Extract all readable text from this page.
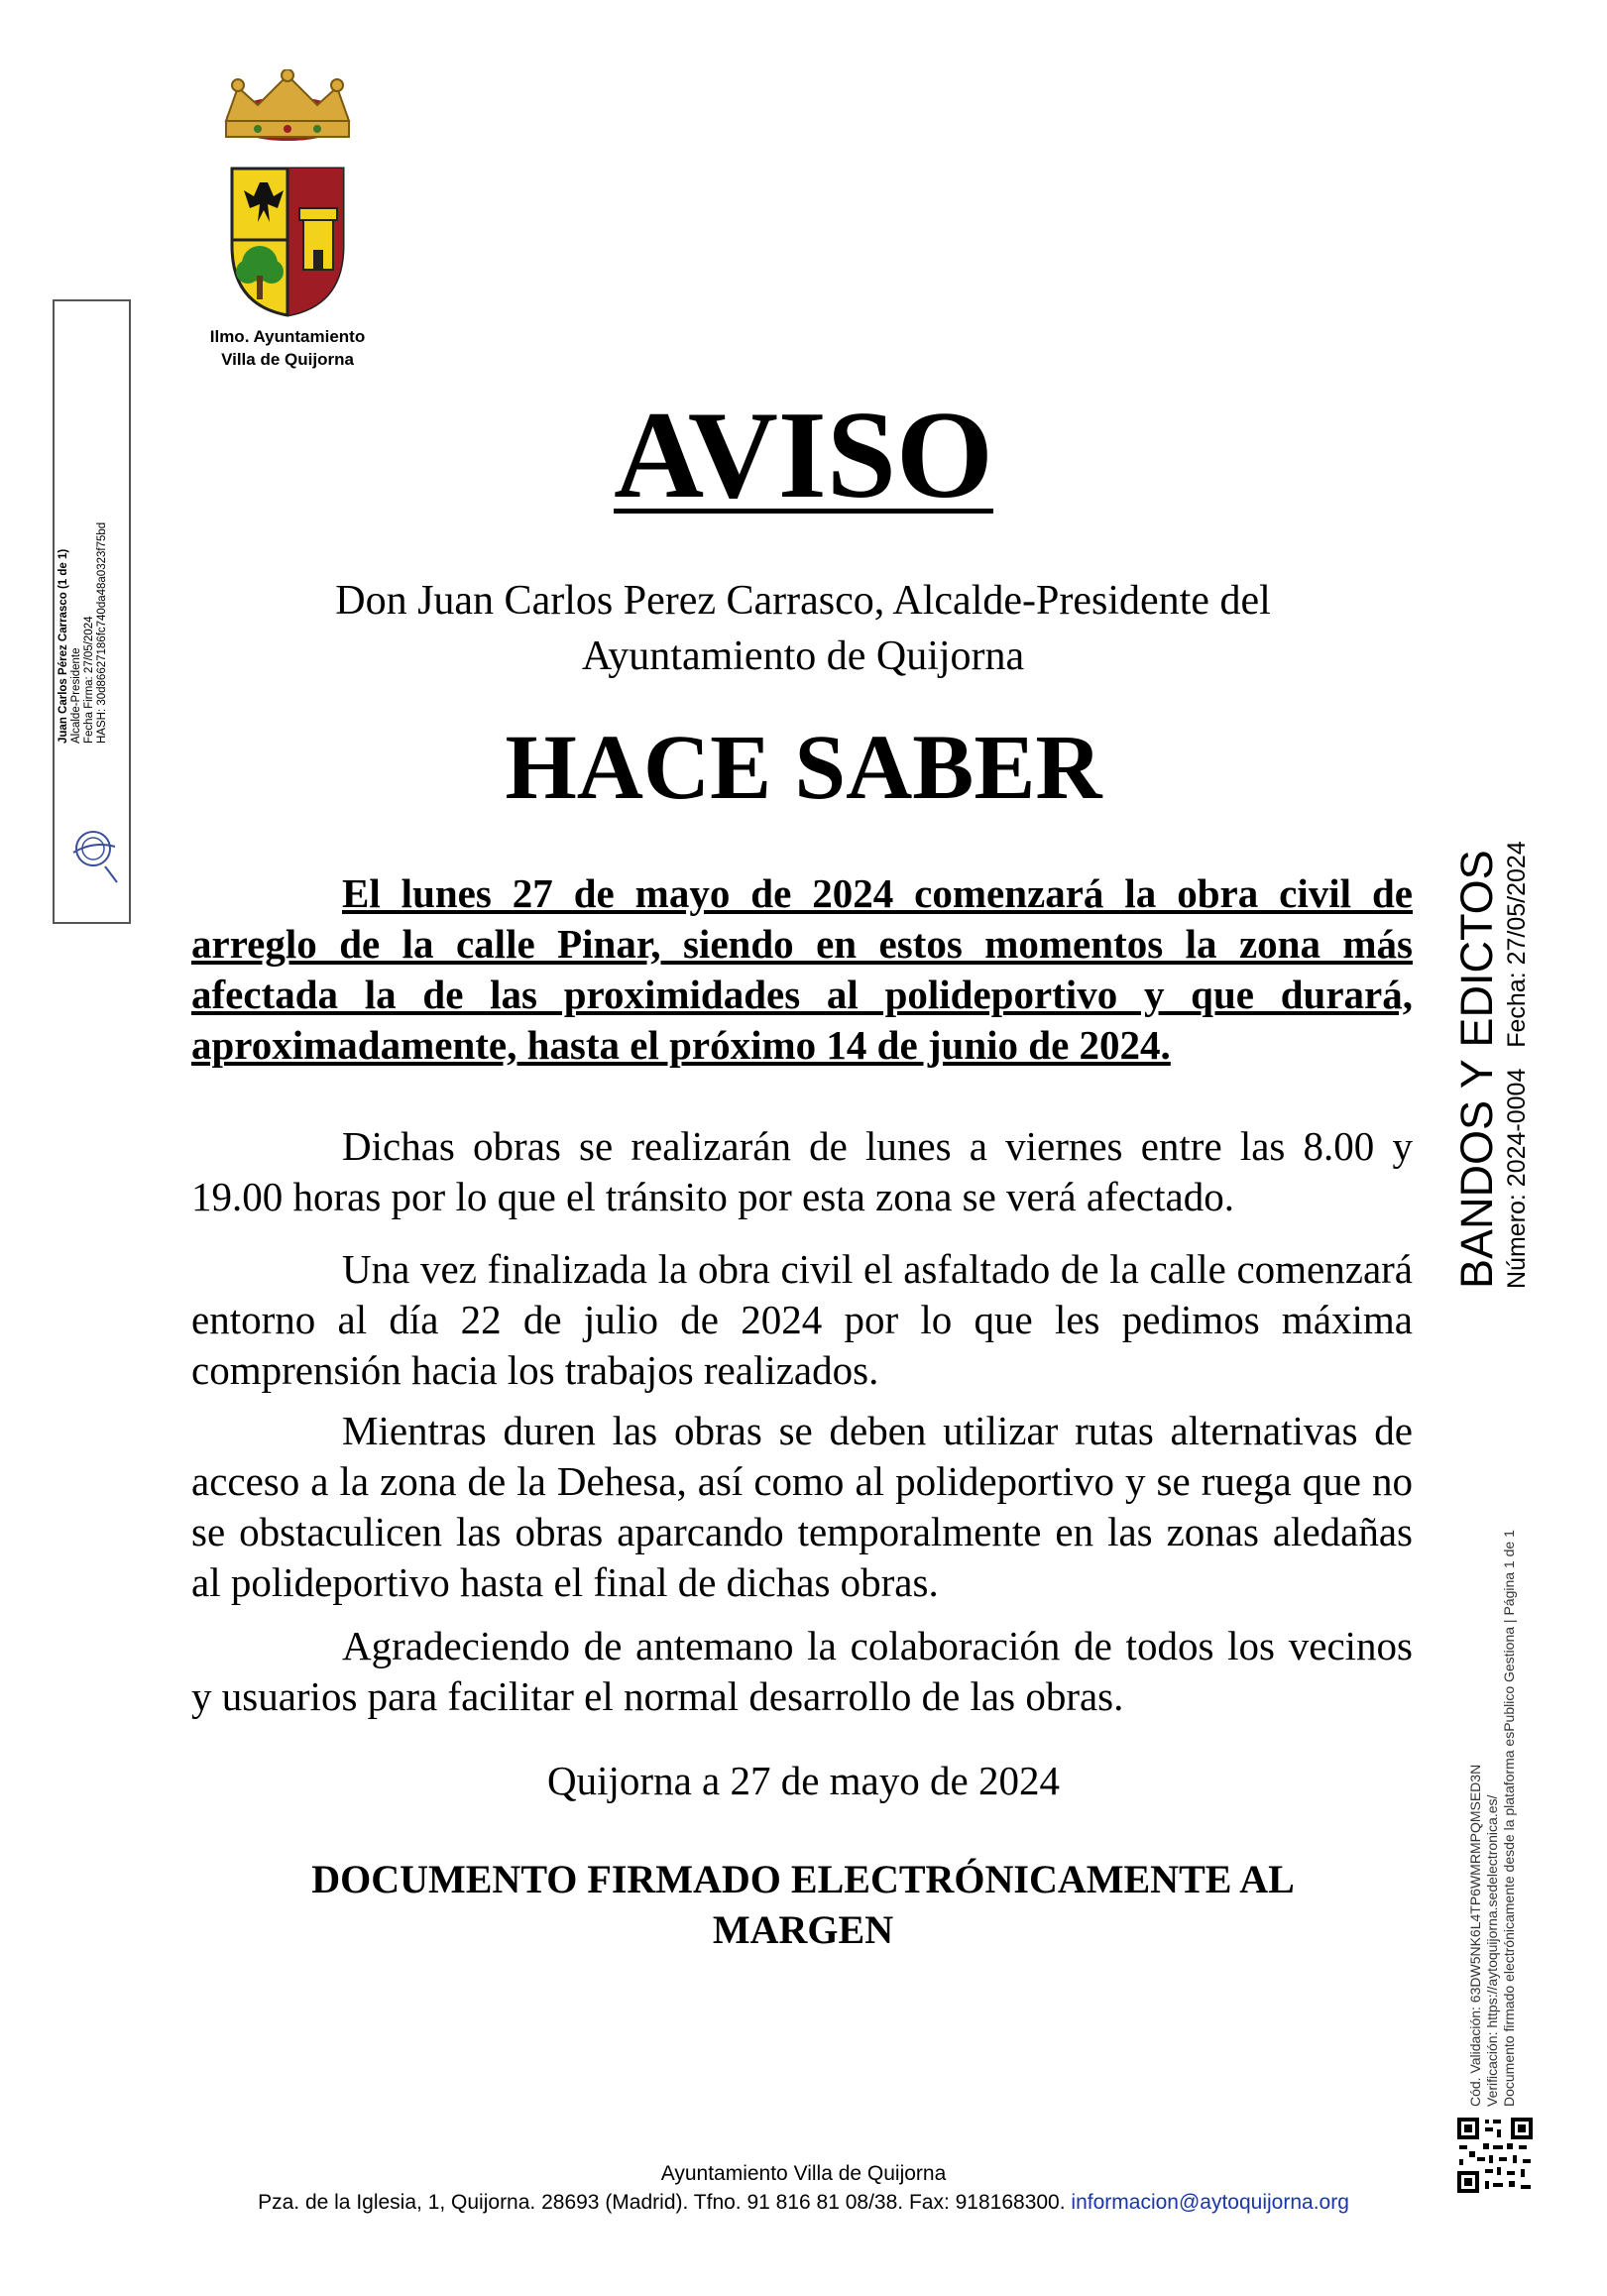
Ilmo. Ayuntamiento
Villa de Quijorna
Juan Carlos Pérez Carrasco (1 de 1) Alcalde-Presidente Fecha Firma: 27/05/2024 HASH: 30d86627186fc740da48a0323f75bd
AVISO
Don Juan Carlos Perez Carrasco, Alcalde-Presidente del
Ayuntamiento de Quijorna
HACE SABER
El lunes 27 de mayo de 2024 comenzará la obra civil de arreglo de la calle Pinar, siendo en estos momentos la zona más afectada la de las proximidades al polideportivo y que durará, aproximadamente, hasta el próximo 14 de junio de 2024.
Dichas obras se realizarán de lunes a viernes entre las 8.00 y 19.00 horas por lo que el tránsito por esta zona se verá afectado.
Una vez finalizada la obra civil el asfaltado de la calle comenzará entorno al día 22 de julio de 2024 por lo que les pedimos máxima comprensión hacia los trabajos realizados.
Mientras duren las obras se deben utilizar rutas alternativas de acceso a la zona de la Dehesa, así como al polideportivo y se ruega que no se obstaculicen las obras aparcando temporalmente en las zonas aledañas al polideportivo hasta el final de dichas obras.
Agradeciendo de antemano la colaboración de todos los vecinos y usuarios para facilitar el normal desarrollo de las obras.
Quijorna a 27 de mayo de 2024
DOCUMENTO FIRMADO ELECTRÓNICAMENTE AL
MARGEN
BANDOS Y EDICTOS Número: 2024-0004   Fecha: 27/05/2024
Cód. Validación: 63DW5NK6L4TP6WMRMPQMSED3N Verificación: https://aytoquijorna.sedelectronica.es/ Documento firmado electrónicamente desde la plataforma esPublico Gestiona | Página 1 de 1
Ayuntamiento Villa de Quijorna
Pza. de la Iglesia, 1, Quijorna. 28693 (Madrid). Tfno. 91 816 81 08/38. Fax: 918168300. informacion@aytoquijorna.org
